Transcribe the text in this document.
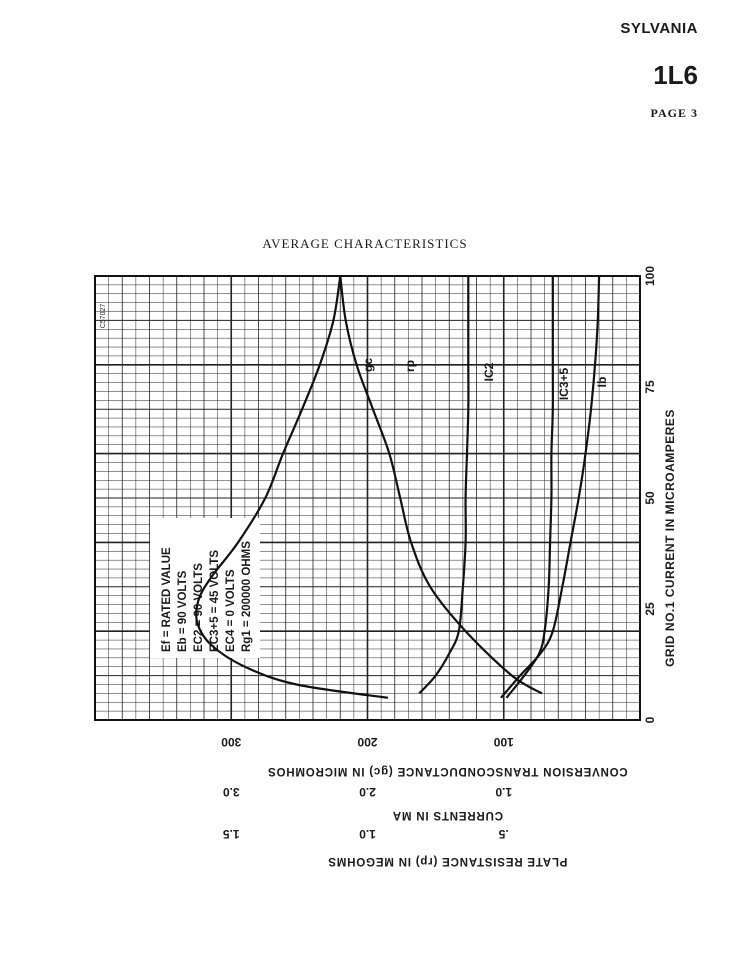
SYLVANIA
1L6
PAGE 3
AVERAGE CHARACTERISTICS
0
25
50
75
100
GRID NO.1 CURRENT IN MICROAMPERES
100
200
300
CONVERSION TRANSCONDUCTANCE (gc) IN MICROMHOS
1.0
2.0
3.0
CURRENTS IN MA
.5
1.0
1.5
PLATE RESISTANCE (rp) IN MEGOHMS
C57027
Ef = RATED VALUE Eb = 90 VOLTS EC2 = 90 VOLTS EC3+5 = 45 VOLTS EC4 = 0 VOLTS Rg1 = 200000 OHMS
gc rp	IC2	IC3+5 Ib
